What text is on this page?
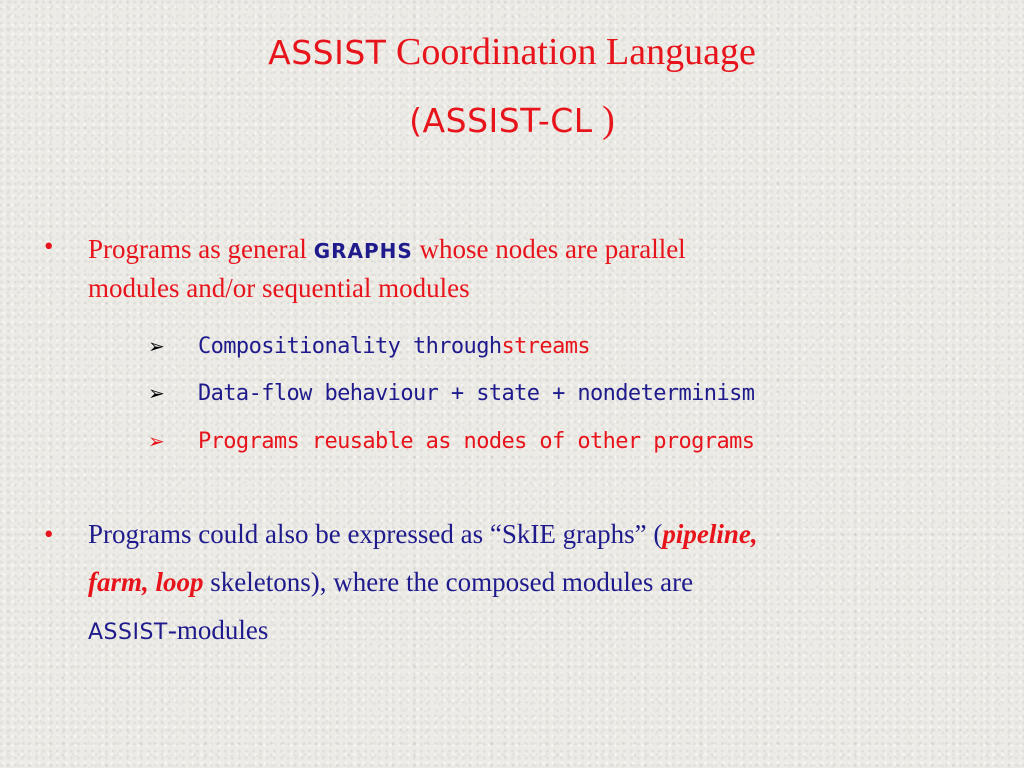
ASSIST Coordination Language
(ASSIST-CL )
• Programs as general GRAPHS whose nodes are parallel
modules and/or sequential modules
➢	Compositionality through streams
➢	Data-flow behaviour + state + nondeterminism
➢	Programs reusable as nodes of other programs
• Programs could also be expressed as “SkIE graphs” (pipeline,
farm, loop skeletons), where the composed modules are
ASSIST-modules
